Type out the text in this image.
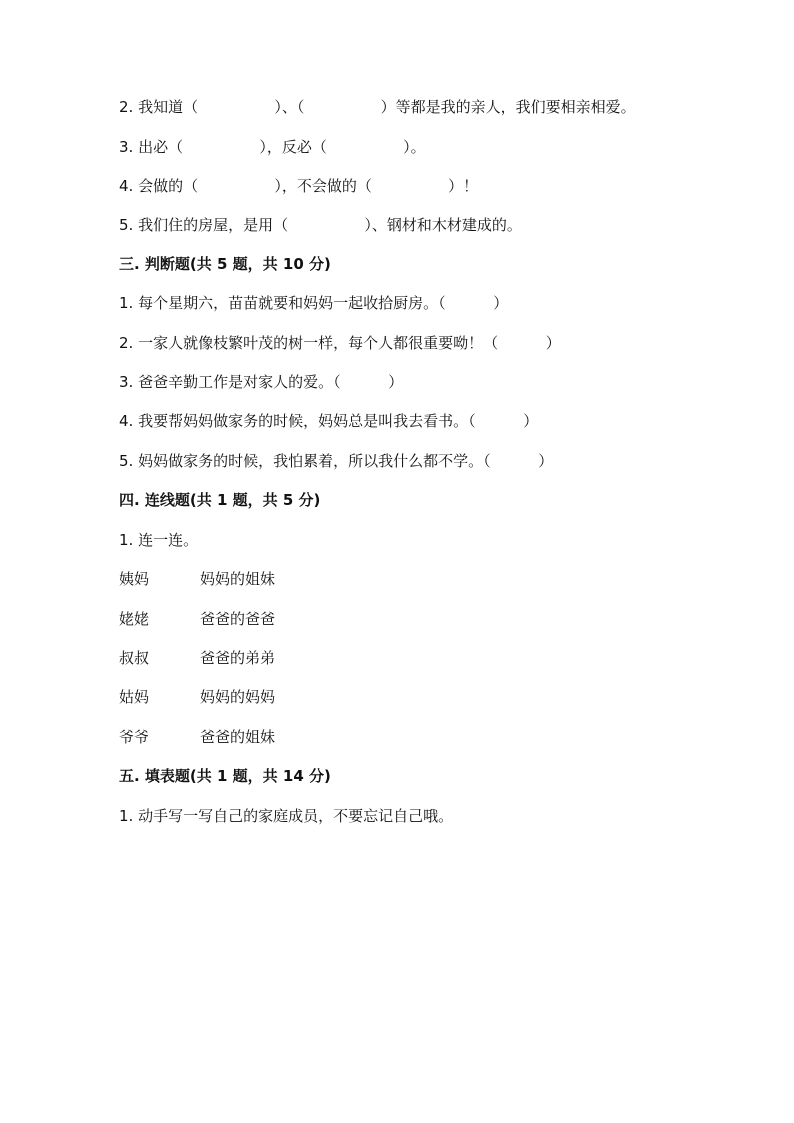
2. 我知道（                ）、（                ）等都是我的亲人，我们要相亲相爱。
3. 出必（                ），反必（                ）。
4. 会做的（                ），不会做的（                ）！
5. 我们住的房屋，是用（                ）、钢材和木材建成的。
三. 判断题(共 5 题，共 10 分)
1. 每个星期六，苗苗就要和妈妈一起收拾厨房。（          ）
2. 一家人就像枝繁叶茂的树一样，每个人都很重要呦！（          ）
3. 爸爸辛勤工作是对家人的爱。（          ）
4. 我要帮妈妈做家务的时候，妈妈总是叫我去看书。（          ）
5. 妈妈做家务的时候，我怕累着，所以我什么都不学。（          ）
四. 连线题(共 1 题，共 5 分)
1. 连一连。
姨妈	妈妈的姐妹
姥姥	爸爸的爸爸
叔叔	爸爸的弟弟
姑妈	妈妈的妈妈
爷爷	爸爸的姐妹
五. 填表题(共 1 题，共 14 分)
1. 动手写一写自己的家庭成员，不要忘记自己哦。
